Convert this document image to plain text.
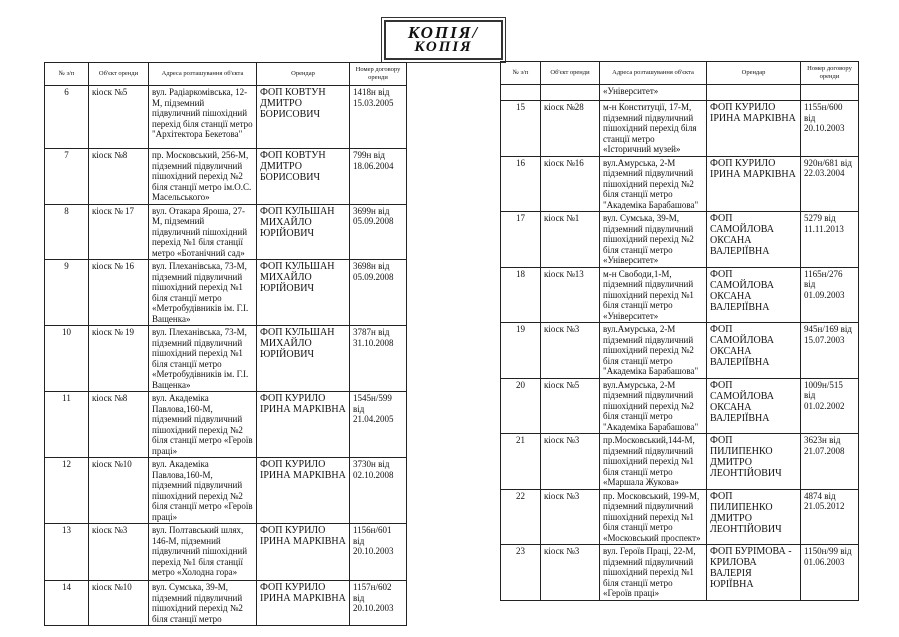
КОПІЯ/
КОПІЯ
№ з/п	Об'єкт оренди	Адреса розташування об'єкта	Орендар	Номер договору оренди
6	кіоск №5	вул. Радіаркомівська, 12-М, підземний підвуличний пішохідний перехід біля станції метро "Архітектора Бекетова"	ФОП КОВТУН ДМИТРО БОРИСОВИЧ	1418н від 15.03.2005
7	кіоск №8	пр. Московський, 256-М, підземний підвуличний пішохідний перехід №2 біля станції метро ім.О.С. Масельського»	ФОП КОВТУН ДМИТРО БОРИСОВИЧ	799н від 18.06.2004
8	кіоск № 17	вул. Отакара Яроша, 27-М, підземний підвуличний пішохідний перехід №1 біля станції метро «Ботанічний сад»	ФОП КУЛЬШАН МИХАЙЛО ЮРІЙОВИЧ	3699н від 05.09.2008
9	кіоск № 16	вул. Плеханівська, 73-М, підземний підвуличний пішохідний перехід №1 біля станції метро «Метробудівників ім. Г.І. Ващенка»	ФОП КУЛЬШАН МИХАЙЛО ЮРІЙОВИЧ	3698н від 05.09.2008
10	кіоск № 19	вул. Плеханівська, 73-М, підземний підвуличний пішохідний перехід №1 біля станції метро «Метробудівників ім. Г.І. Ващенка»	ФОП КУЛЬШАН МИХАЙЛО ЮРІЙОВИЧ	3787н від 31.10.2008
11	кіоск №8	вул. Академіка Павлова,160-М, підземний підвуличний пішохідний перехід №2 біля станції метро «Героїв праці»	ФОП КУРИЛО ІРИНА МАРКІВНА	1545н/599 від 21.04.2005
12	кіоск №10	вул. Академіка Павлова,160-М, підземний підвуличний пішохідний перехід №2 біля станції метро «Героїв праці»	ФОП КУРИЛО ІРИНА МАРКІВНА	3730н від 02.10.2008
13	кіоск №3	вул. Полтавський шлях, 146-М, підземний підвуличний пішохідний перехід №1 біля станції метро «Холодна гора»	ФОП КУРИЛО ІРИНА МАРКІВНА	1156н/601 від 20.10.2003
14	кіоск №10	вул. Сумська, 39-М, підземний підвуличний пішохідний перехід №2 біля станції метро	ФОП КУРИЛО ІРИНА МАРКІВНА	1157н/602 від 20.10.2003
№ з/п	Об'єкт оренди	Адреса розташування об'єкта	Орендар	Номер договору оренди
		«Університет»		
15	кіоск №28	м-н Конституції, 17-М, підземний підвуличний пішохідний перехід біля станції метро «Історичний музей»	ФОП КУРИЛО ІРИНА МАРКІВНА	1155н/600 від 20.10.2003
16	кіоск №16	вул.Амурська, 2-М підземний підвуличний пішохідний перехід №2 біля станції метро "Академіка Барабашова"	ФОП КУРИЛО ІРИНА МАРКІВНА	920н/681 від 22.03.2004
17	кіоск №1	вул. Сумська, 39-М, підземний підвуличний пішохідний перехід №2 біля станції метро «Університет»	ФОП САМОЙЛОВА ОКСАНА ВАЛЕРІЇВНА	5279 від 11.11.2013
18	кіоск №13	м-н Свободи,1-М, підземний підвуличний пішохідний перехід №1 біля станції метро «Університет»	ФОП САМОЙЛОВА ОКСАНА ВАЛЕРІЇВНА	1165н/276 від 01.09.2003
19	кіоск №3	вул.Амурська, 2-М підземний підвуличний пішохідний перехід №2 біля станції метро "Академіка Барабашова"	ФОП САМОЙЛОВА ОКСАНА ВАЛЕРІЇВНА	945н/169 від 15.07.2003
20	кіоск №5	вул.Амурська, 2-М підземний підвуличний пішохідний перехід №2 біля станції метро "Академіка Барабашова"	ФОП САМОЙЛОВА ОКСАНА ВАЛЕРІЇВНА	1009н/515 від 01.02.2002
21	кіоск №3	пр.Московський,144-М, підземний підвуличний пішохідний перехід №1 біля станції метро «Маршала Жукова»	ФОП ПИЛИПЕНКО ДМИТРО ЛЕОНТІЙОВИЧ	3623н від 21.07.2008
22	кіоск №3	пр. Московський, 199-М, підземний підвуличний пішохідний перехід №1 біля станції метро «Московський проспект»	ФОП ПИЛИПЕНКО ДМИТРО ЛЕОНТІЙОВИЧ	4874 від 21.05.2012
23	кіоск №3	вул. Героїв Праці, 22-М, підземний підвуличний пішохідний перехід №1 біля станції метро «Героїв праці»	ФОП БУРІМОВА - КРИЛОВА ВАЛЕРІЯ ЮРІЇВНА	1150н/99 від 01.06.2003
